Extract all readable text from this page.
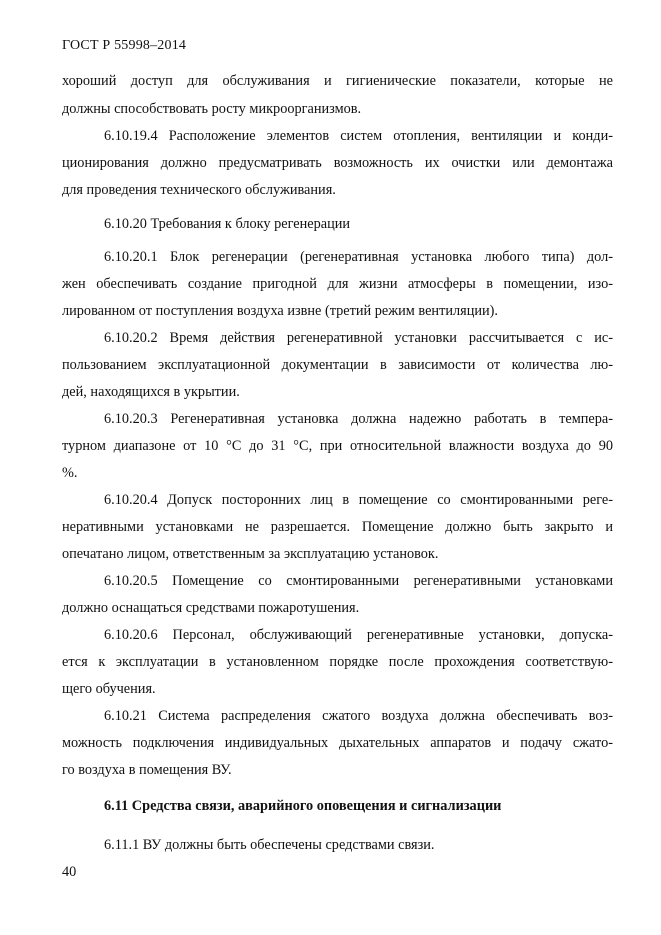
ГОСТ Р 55998–2014
хороший доступ для обслуживания и гигиенические показатели, которые не
должны способствовать росту микроорганизмов.
6.10.19.4 Расположение элементов систем отопления, вентиляции и конди-
ционирования должно предусматривать возможность их очистки или демонтажа
для проведения технического обслуживания.
6.10.20 Требования к блоку регенерации
6.10.20.1 Блок регенерации (регенеративная установка любого типа) дол-
жен обеспечивать создание пригодной для жизни атмосферы в помещении, изо-
лированном от поступления воздуха извне (третий режим вентиляции).
6.10.20.2 Время действия регенеративной установки рассчитывается с ис-
пользованием эксплуатационной документации в зависимости от количества лю-
дей, находящихся в укрытии.
6.10.20.3 Регенеративная установка должна надежно работать в темпера-
турном диапазоне от 10 °С до 31 °С, при относительной влажности воздуха до 90
%.
6.10.20.4 Допуск посторонних лиц в помещение со смонтированными реге-
неративными установками не разрешается. Помещение должно быть закрыто и
опечатано лицом, ответственным за эксплуатацию установок.
6.10.20.5 Помещение со смонтированными регенеративными установками
должно оснащаться средствами пожаротушения.
6.10.20.6 Персонал, обслуживающий регенеративные установки, допуска-
ется к эксплуатации в установленном порядке после прохождения соответствую-
щего обучения.
6.10.21 Система распределения сжатого воздуха должна обеспечивать воз-
можность подключения индивидуальных дыхательных аппаратов и подачу сжато-
го воздуха в помещения ВУ.
6.11 Средства связи, аварийного оповещения и сигнализации
6.11.1 ВУ должны быть обеспечены средствами связи.
40
